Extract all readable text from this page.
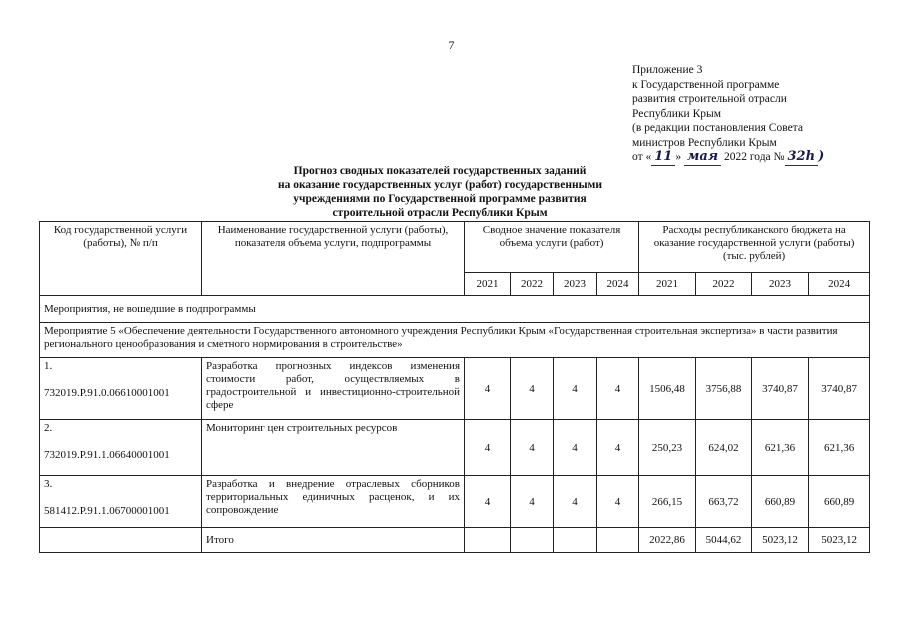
7
Приложение 3
к Государственной программе
развития строительной отрасли
Республики Крым
(в редакции постановления Совета
министров Республики Крым
от « 11 » мая 2022 года № 32h )
Прогноз сводных показателей государственных заданий
на оказание государственных услуг (работ) государственными
учреждениями по Государственной программе развития
строительной отрасли Республики Крым
Код государственной услуги (работы), № п/п	Наименование государственной услуги (работы), показателя объема услуги, подпрограммы	Сводное значение показателя объема услуги (работ)				Расходы республиканского бюджета на оказание государственной услуги (работы) (тыс. рублей)			
		2021	2022	2023	2024	2021	2022	2023	2024
Мероприятия, не вошедшие в подпрограммы									
Мероприятие 5 «Обеспечение деятельности Государственного автономного учреждения Республики Крым «Государственная строительная экспертиза» в части развития регионального ценообразования и сметного нормирования в строительстве»									

1.
732019.Р.91.0.06610001001	Разработка прогнозных индексов изменения стоимости работ, осуществляемых в градостроительной и инвестиционно-строительной сфере	4	4	4	4	1506,48	3756,88	3740,87	3740,87

2.
732019.Р.91.1.06640001001	Мониторинг цен строительных ресурсов	4	4	4	4	250,23	624,02	621,36	621,36

3.
581412.Р.91.1.06700001001	Разработка и внедрение отраслевых сборников территориальных единичных расценок, и их сопровождение	4	4	4	4	266,15	663,72	660,89	660,89
	Итого					2022,86	5044,62	5023,12	5023,12
